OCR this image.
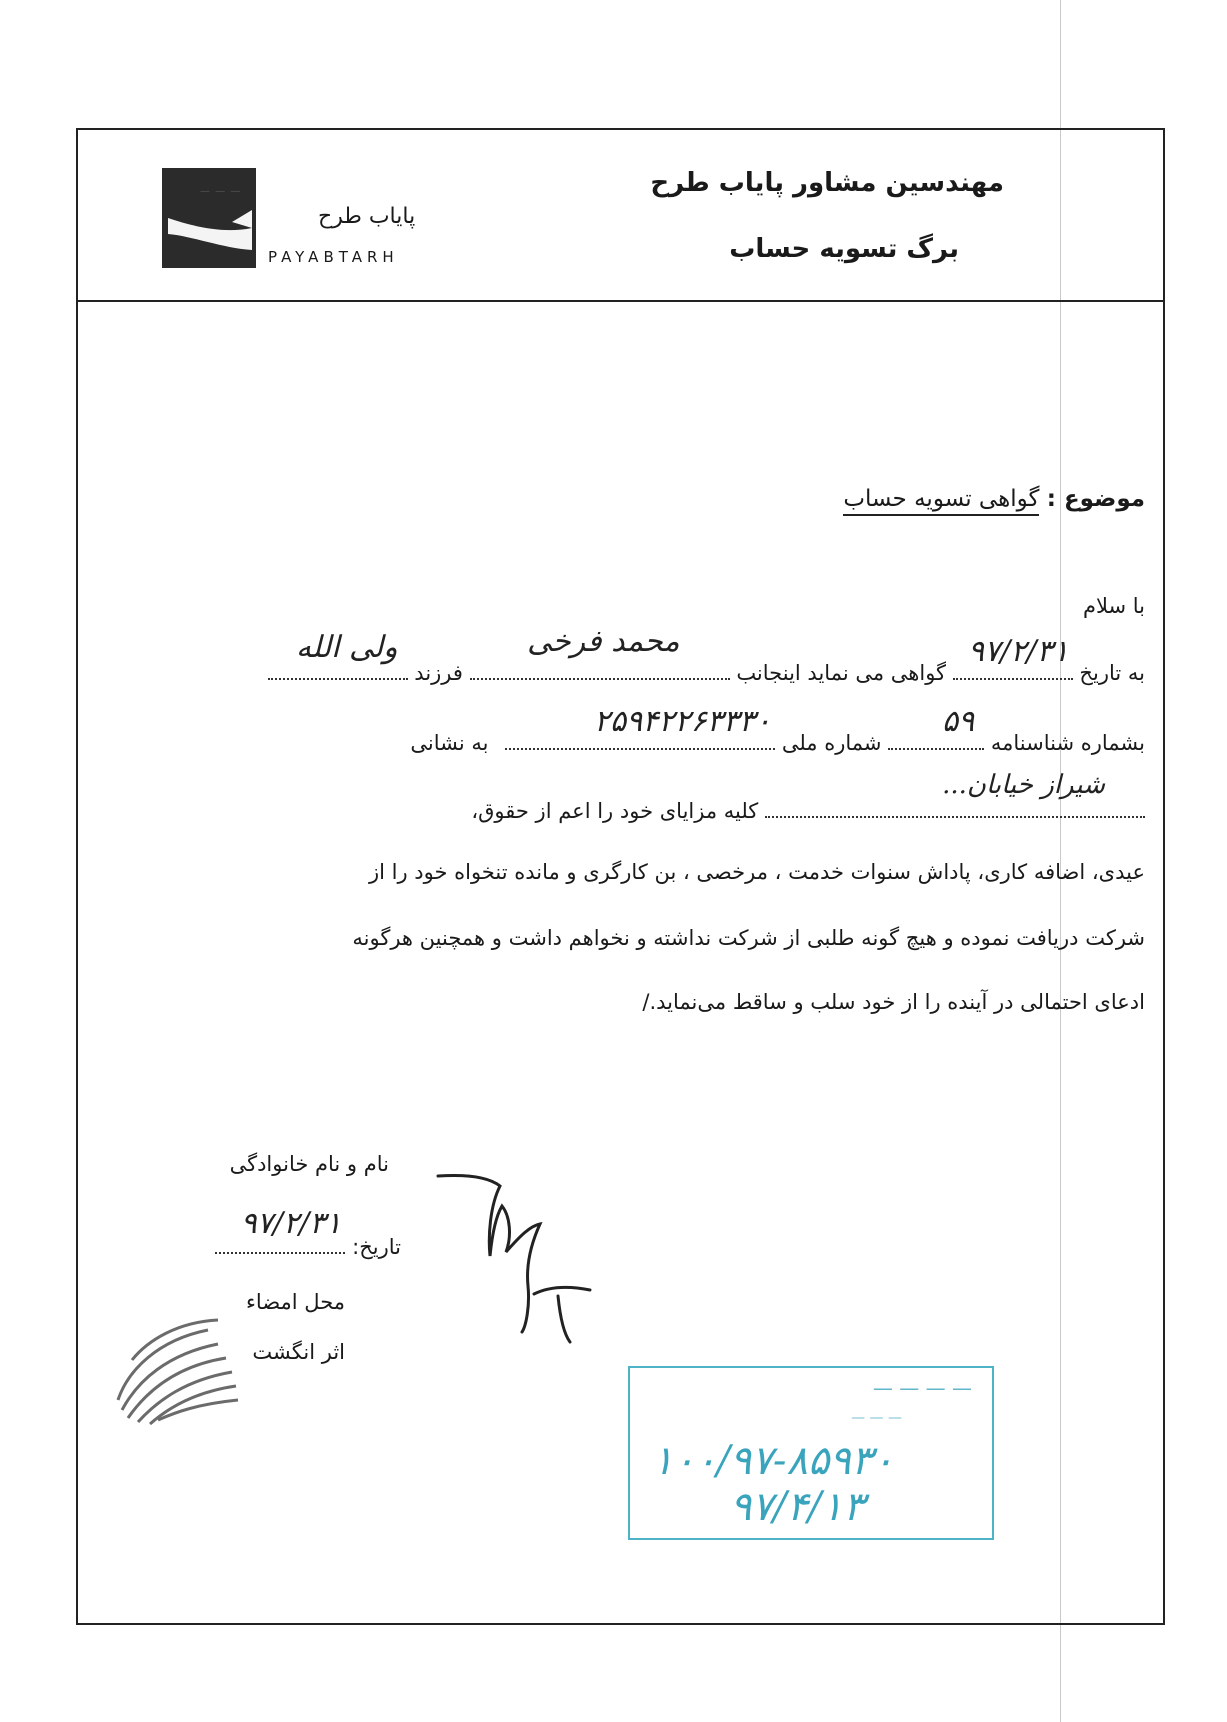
مهندسین مشاور پایاب طرح
برگ تسویه حساب
— — —
پایاب طرح
PAYABTARH
موضوع : گواهی تسویه حساب
با سلام
به تاریخ
۹۷/۲/۳۱
گواهی می نماید اینجانب
محمد فرخی
فرزند
ولی الله
بشماره شناسنامه
۵۹
شماره ملی
۲۵۹۴۲۲۶۳۳۳۰
به نشانی
شیراز خیابان...
کلیه مزایای خود را اعم از حقوق،
عیدی، اضافه کاری، پاداش سنوات خدمت ، مرخصی ، بن کارگری و مانده تنخواه خود را از
شرکت دریافت نموده و هیچ گونه طلبی از شرکت نداشته و نخواهم داشت و همچنین هرگونه
ادعای احتمالی در آینده را از خود سلب و ساقط می‌نماید./
نام و نام خانوادگی
تاریخ:
۹۷/۲/۳۱
محل امضاء
اثر انگشت
— — — —
— — —
۱۰۰/۹۷-۸۵۹۳۰
۹۷/۴/۱۳
